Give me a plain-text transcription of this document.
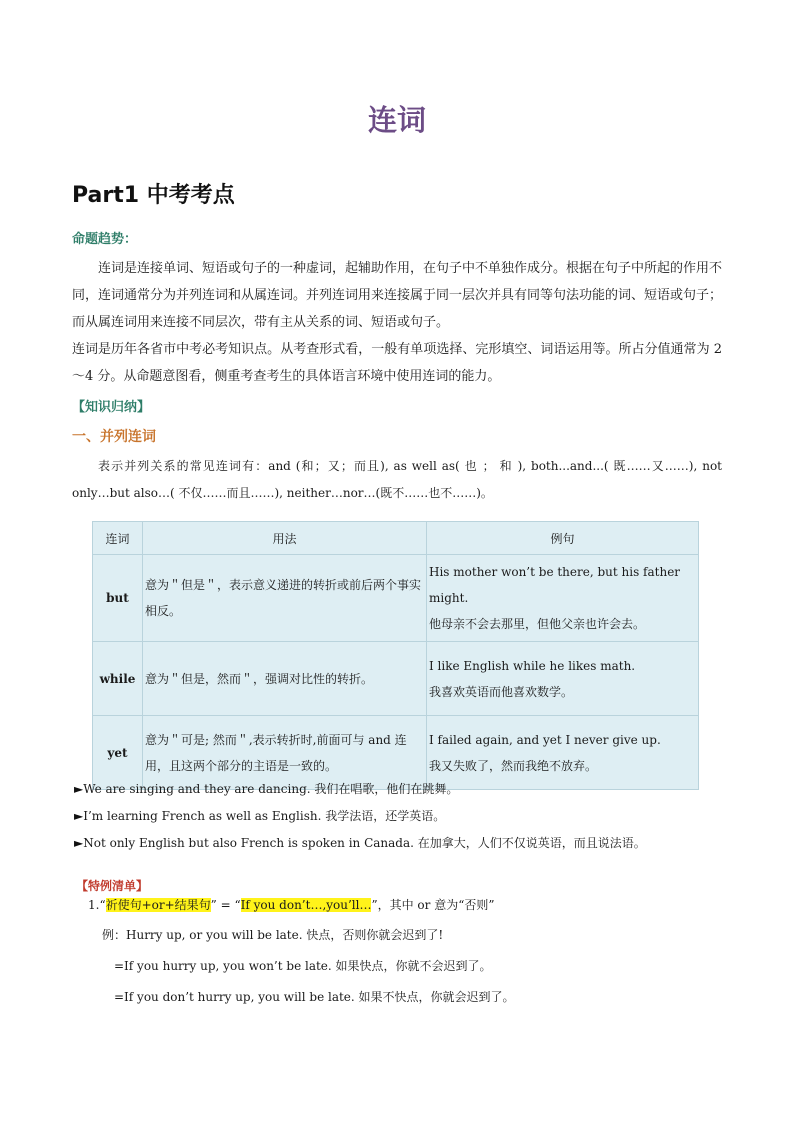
连词
Part1 中考考点
命题趋势：

连词是连接单词、短语或句子的一种虚词，起辅助作用，在句子中不单独作成分。根据在句子中所起的作用不同，连词通常分为并列连词和从属连词。并列连词用来连接属于同一层次并具有同等句法功能的词、短语或句子；而从属连词用来连接不同层次，带有主从关系的词、短语或句子。

连词是历年各省市中考必考知识点。从考查形式看，一般有单项选择、完形填空、词语运用等。所占分值通常为 2～4 分。从命题意图看，侧重考查考生的具体语言环境中使用连词的能力。

【知识归纳】
一、并列连词

表示并列关系的常见连词有：and (和；又；而且), as well as( 也 ； 和 ), both...and...( 既……又……), not only…but also…( 不仅……而且……), neither…nor…(既不……也不……)。

连词	用法	例句
but	意为＂但是＂，表示意义递进的转折或前后两个事实相反。	His mother won’t be there, but his father might.
他母亲不会去那里，但他父亲也许会去。

while	意为＂但是，然而＂，强调对比性的转折。	I like English while he likes math.
我喜欢英语而他喜欢数学。

yet	意为＂可是; 然而＂,表示转折时,前面可与 and 连用，且这两个部分的主语是一致的。	I failed again, and yet I never give up.
我又失败了，然而我绝不放弃。
►We are singing and they are dancing. 我们在唱歌，他们在跳舞。
►I’m learning French as well as English. 我学法语，还学英语。
►Not only English but also French is spoken in Canada. 在加拿大，人们不仅说英语，而且说法语。
【特例清单】
1.“祈使句+or+结果句” = “If you don’t…,you’ll…”，其中 or 意为“否则”
例：Hurry up, or you will be late. 快点，否则你就会迟到了!
=If you hurry up, you won’t be late. 如果快点，你就不会迟到了。
=If you don’t hurry up, you will be late. 如果不快点，你就会迟到了。
